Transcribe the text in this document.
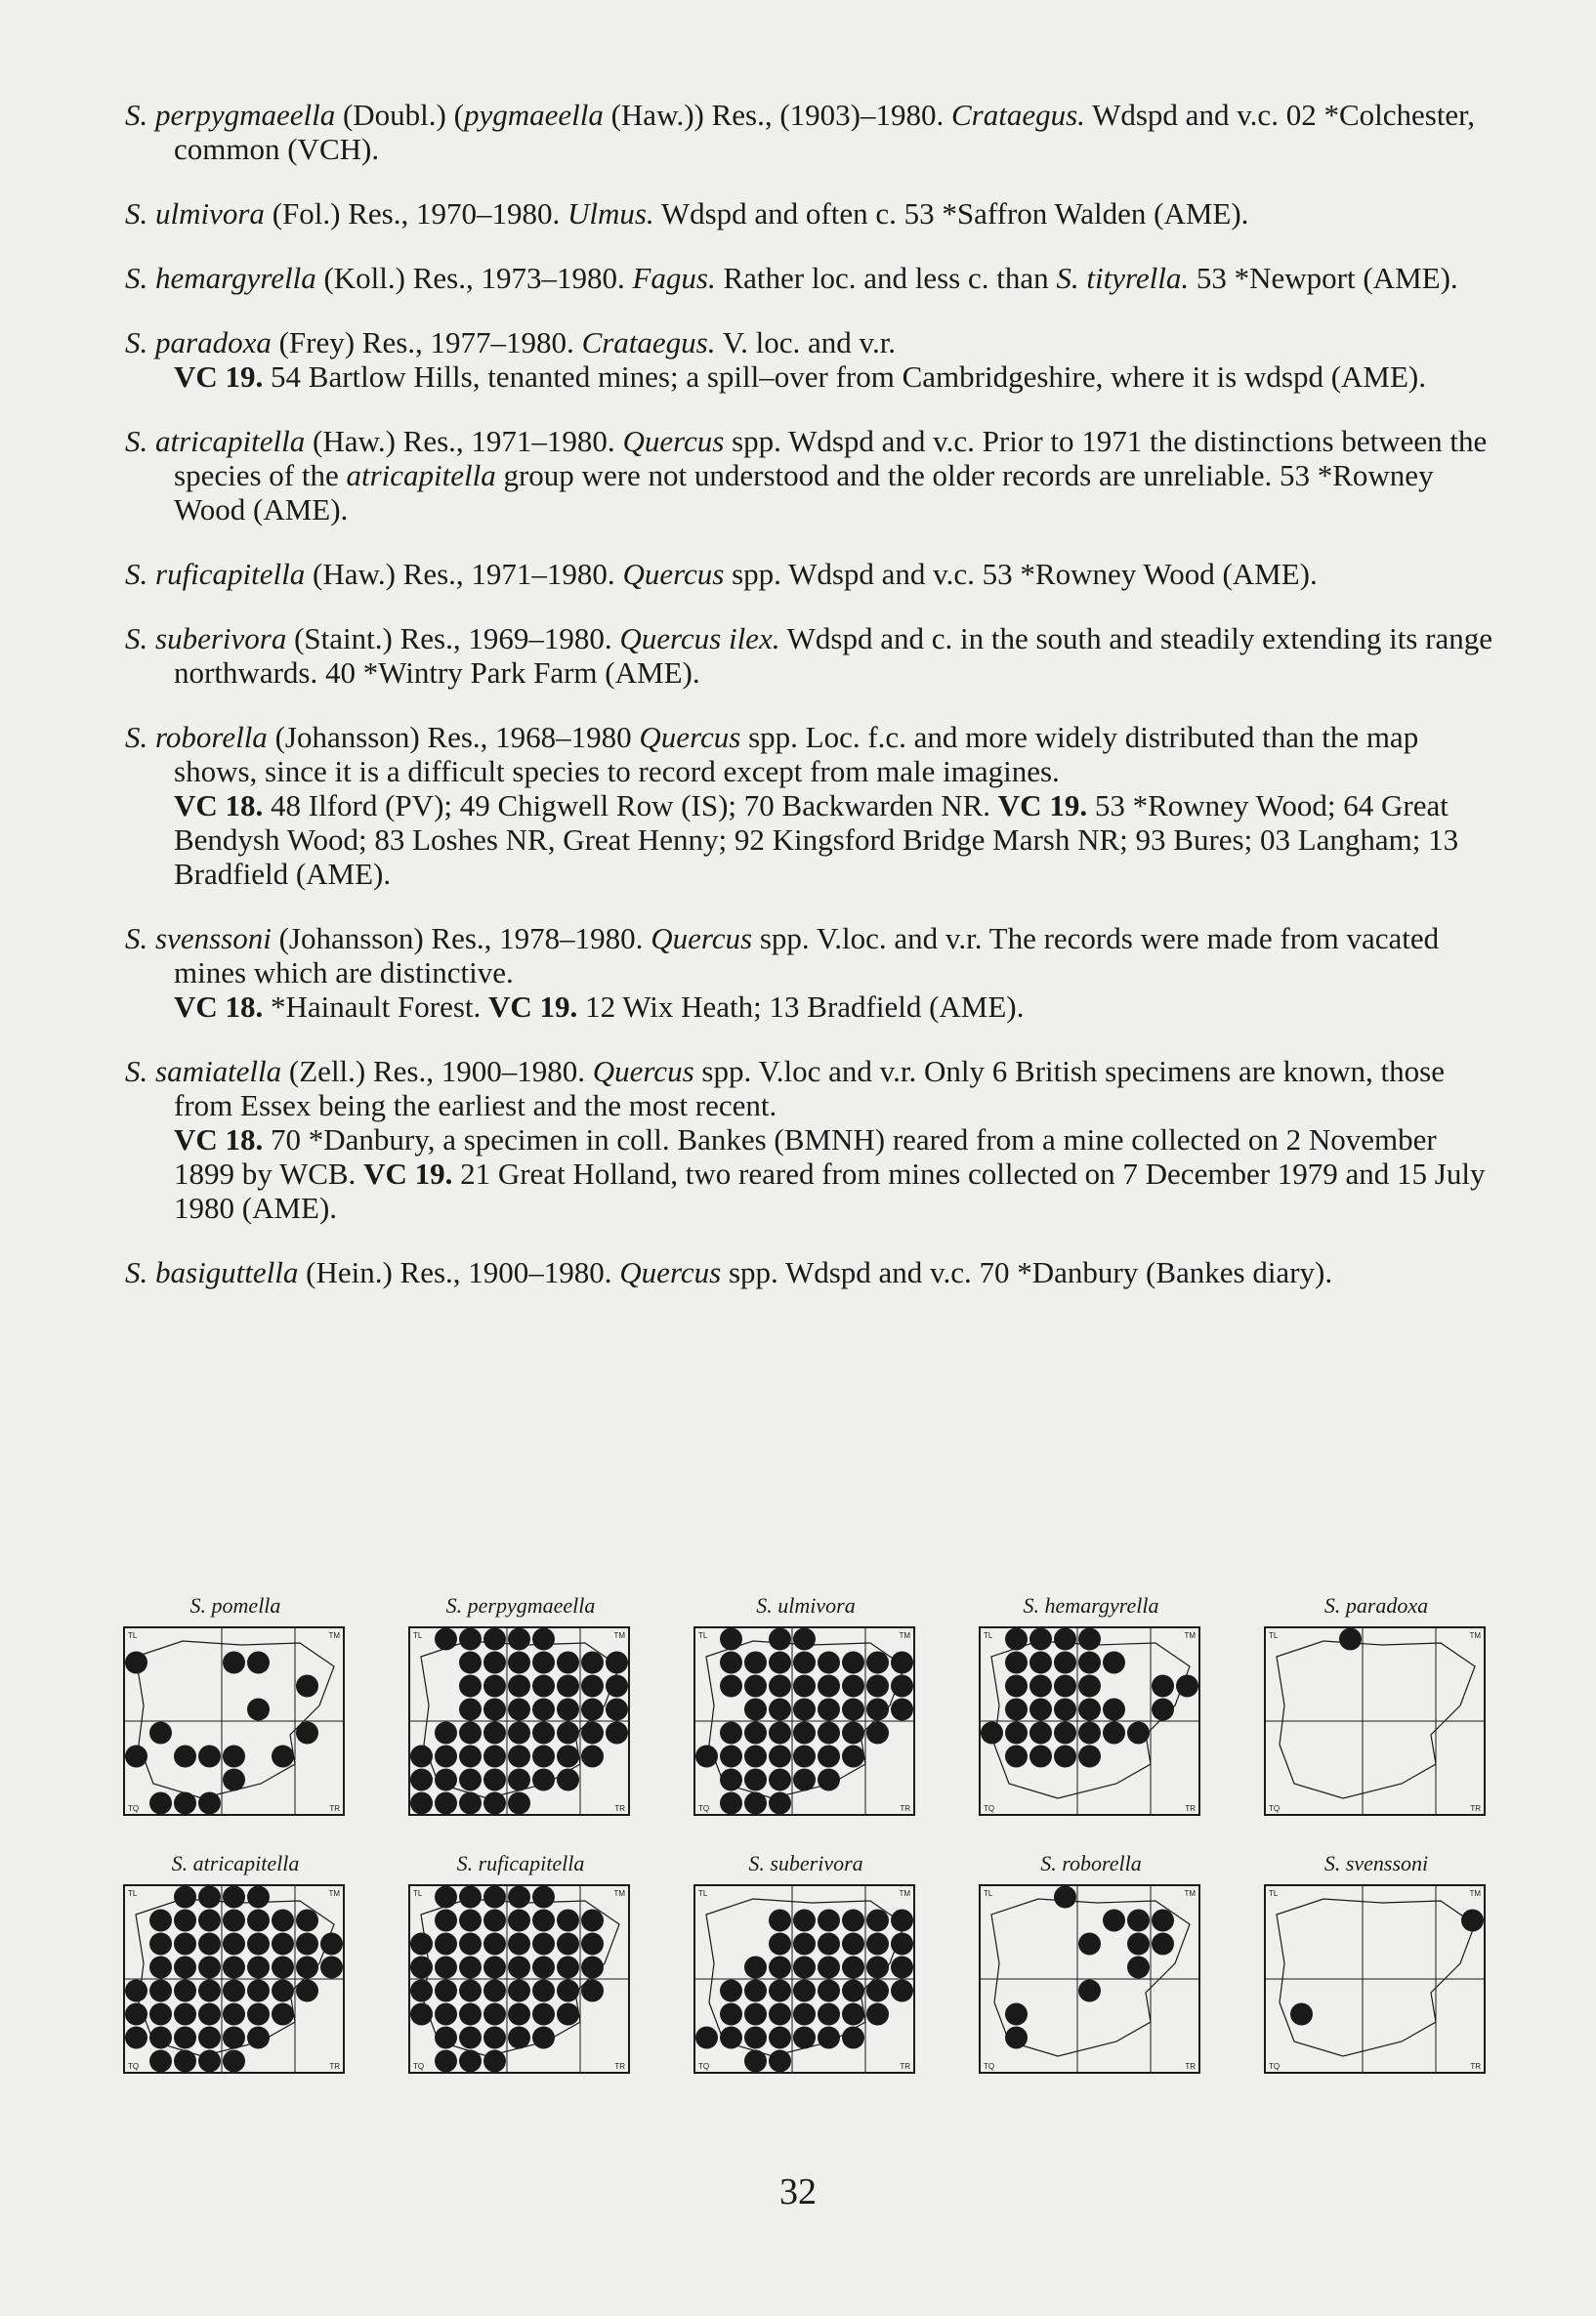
S. perpygmaeella (Doubl.) (pygmaeella (Haw.)) Res., (1903)–1980. Crataegus. Wdspd and v.c. 02 *Colchester, common (VCH).

S. ulmivora (Fol.) Res., 1970–1980. Ulmus. Wdspd and often c. 53 *Saffron Walden (AME).

S. hemargyrella (Koll.) Res., 1973–1980. Fagus. Rather loc. and less c. than S. tityrella. 53 *Newport (AME).

S. paradoxa (Frey) Res., 1977–1980. Crataegus. V. loc. and v.r.

VC 19. 54 Bartlow Hills, tenanted mines; a spill–over from Cambridgeshire, where it is wdspd (AME).

S. atricapitella (Haw.) Res., 1971–1980. Quercus spp. Wdspd and v.c. Prior to 1971 the distinctions between the species of the atricapitella group were not understood and the older records are unreliable. 53 *Rowney Wood (AME).

S. ruficapitella (Haw.) Res., 1971–1980. Quercus spp. Wdspd and v.c. 53 *Rowney Wood (AME).

S. suberivora (Staint.) Res., 1969–1980. Quercus ilex. Wdspd and c. in the south and steadily extending its range northwards. 40 *Wintry Park Farm (AME).

S. roborella (Johansson) Res., 1968–1980 Quercus spp. Loc. f.c. and more widely distributed than the map shows, since it is a difficult species to record except from male imagines.

VC 18. 48 Ilford (PV); 49 Chigwell Row (IS); 70 Backwarden NR. VC 19. 53 *Rowney Wood; 64 Great Bendysh Wood; 83 Loshes NR, Great Henny; 92 Kingsford Bridge Marsh NR; 93 Bures; 03 Langham; 13 Bradfield (AME).

S. svenssoni (Johansson) Res., 1978–1980. Quercus spp. V.loc. and v.r. The records were made from vacated mines which are distinctive.

VC 18. *Hainault Forest. VC 19. 12 Wix Heath; 13 Bradfield (AME).

S. samiatella (Zell.) Res., 1900–1980. Quercus spp. V.loc and v.r. Only 6 British specimens are known, those from Essex being the earliest and the most recent.

VC 18. 70 *Danbury, a specimen in coll. Bankes (BMNH) reared from a mine collected on 2 November 1899 by WCB. VC 19. 21 Great Holland, two reared from mines collected on 7 December 1979 and 15 July 1980 (AME).

S. basiguttella (Hein.) Res., 1900–1980. Quercus spp. Wdspd and v.c. 70 *Danbury (Bankes diary).

S. pomella
TL	TM
TQ	TR
S. perpygmaeella
TL	TM
TR
S. ulmivora
TL	TM
TQ	TR
S. hemargyrella
TL	TM
TQ	TR
S. paradoxa
TL	TM
TQ	TR
S. atricapitella
TL	TM
TQ	TR
S. ruficapitella
TL	TM
TQ	TR
S. suberivora
TL	TM
TQ	TR
S. roborella
TL	TM
TQ	TR
S. svenssoni
TL	TM
TQ	TR
32
